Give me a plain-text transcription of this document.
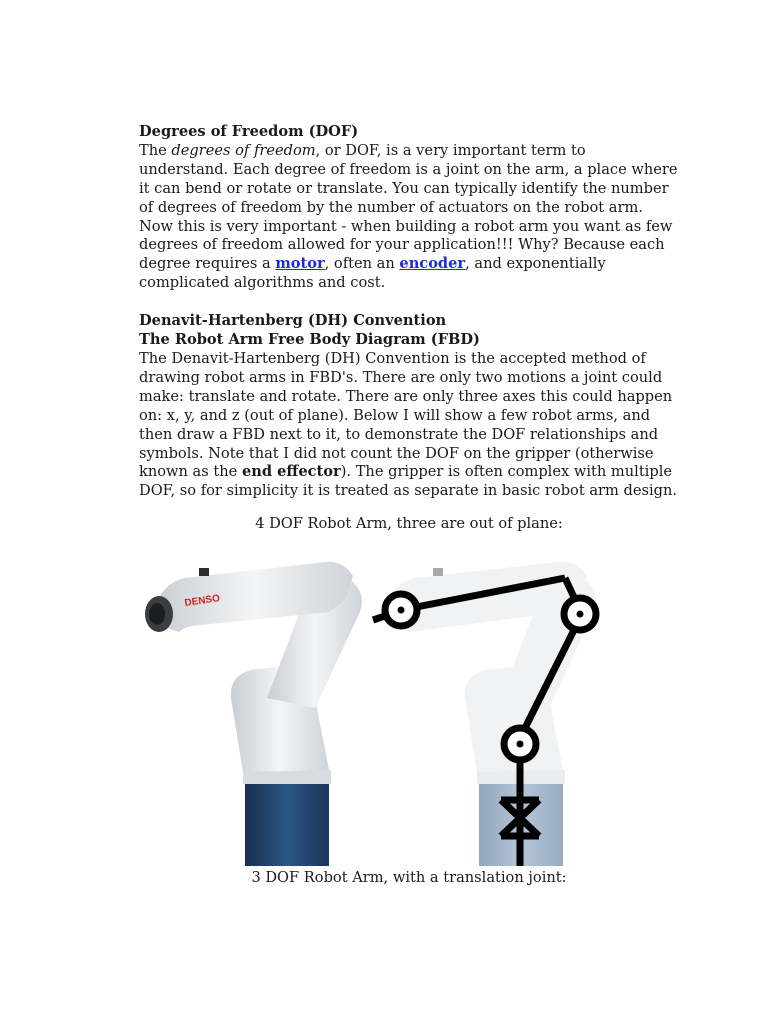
Degrees of Freedom (DOF)

The degrees of freedom, or DOF, is a very important term to understand. Each degree of freedom is a joint on the arm, a place where it can bend or rotate or translate. You can typically identify the number of degrees of freedom by the number of actuators on the robot arm. Now this is very important - when building a robot arm you want as few degrees of freedom allowed for your application!!! Why? Because each degree requires a motor, often an encoder, and exponentially complicated algorithms and cost.

Denavit-Hartenberg (DH) Convention

The Robot Arm Free Body Diagram (FBD)

The Denavit-Hartenberg (DH) Convention is the accepted method of drawing robot arms in FBD's. There are only two motions a joint could make: translate and rotate. There are only three axes this could happen on: x, y, and z (out of plane). Below I will show a few robot arms, and then draw a FBD next to it, to demonstrate the DOF relationships and symbols. Note that I did not count the DOF on the gripper (otherwise known as the end effector). The gripper is often complex with multiple DOF, so for simplicity it is treated as separate in basic robot arm design.

4 DOF Robot Arm, three are out of plane:

DENSO

3 DOF Robot Arm, with a translation joint:
